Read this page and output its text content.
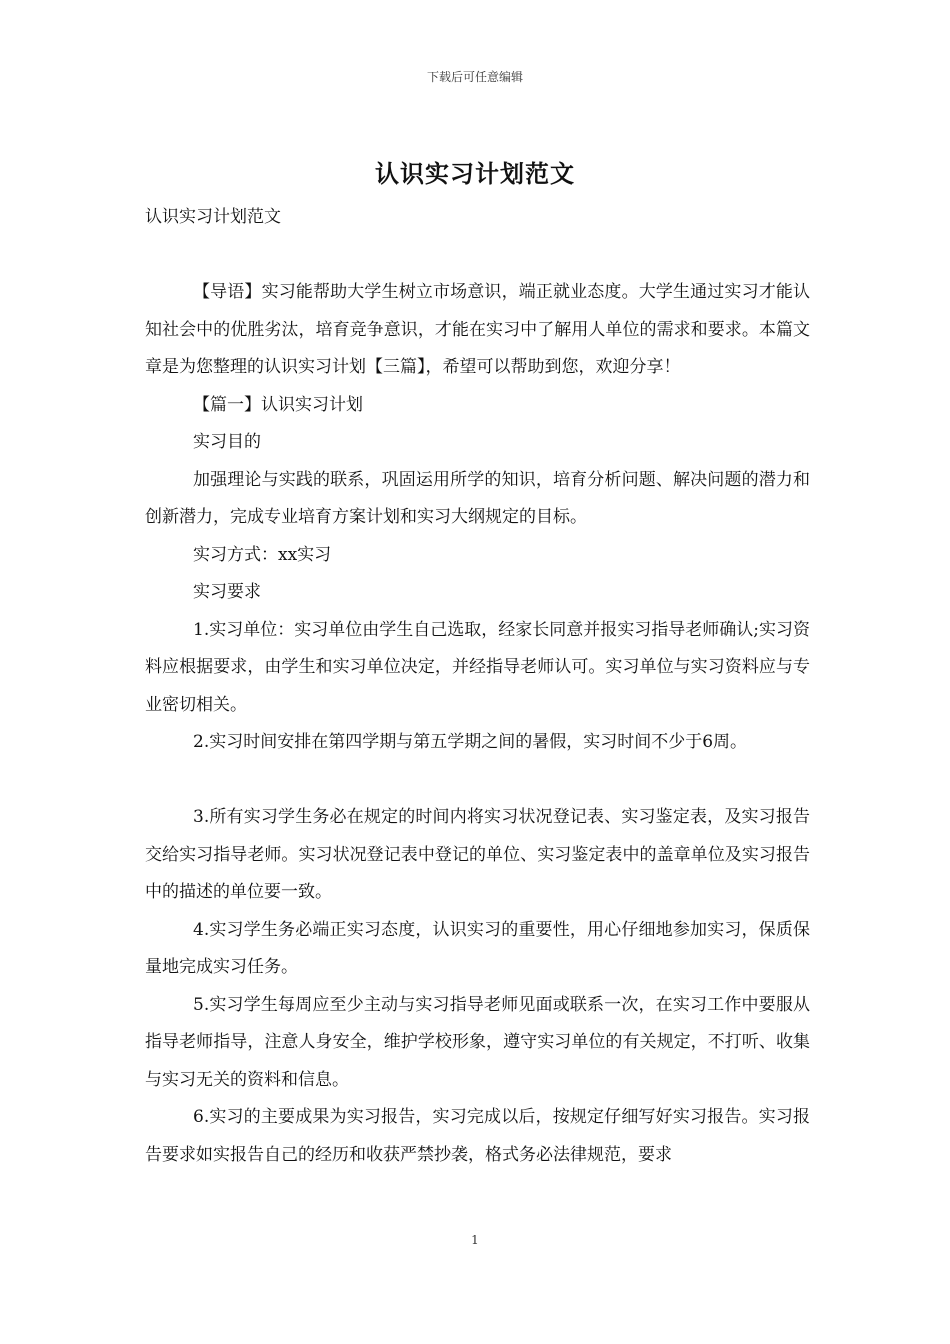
下载后可任意编辑
认识实习计划范文

认识实习计划范文

【导语】实习能帮助大学生树立市场意识，端正就业态度。大学生通过实习才能认知社会中的优胜劣汰，培育竞争意识，才能在实习中了解用人单位的需求和要求。本篇文章是为您整理的认识实习计划【三篇】，希望可以帮助到您，欢迎分享！

【篇一】认识实习计划

实习目的

加强理论与实践的联系，巩固运用所学的知识，培育分析问题、解决问题的潜力和创新潜力，完成专业培育方案计划和实习大纲规定的目标。

实习方式：xx实习

实习要求

1.实习单位：实习单位由学生自己选取，经家长同意并报实习指导老师确认;实习资料应根据要求，由学生和实习单位决定，并经指导老师认可。实习单位与实习资料应与专业密切相关。

2.实习时间安排在第四学期与第五学期之间的暑假，实习时间不少于6周。

3.所有实习学生务必在规定的时间内将实习状况登记表、实习鉴定表，及实习报告交给实习指导老师。实习状况登记表中登记的单位、实习鉴定表中的盖章单位及实习报告中的描述的单位要一致。

4.实习学生务必端正实习态度，认识实习的重要性，用心仔细地参加实习，保质保量地完成实习任务。

5.实习学生每周应至少主动与实习指导老师见面或联系一次，在实习工作中要服从指导老师指导，注意人身安全，维护学校形象，遵守实习单位的有关规定，不打听、收集与实习无关的资料和信息。

6.实习的主要成果为实习报告，实习完成以后，按规定仔细写好实习报告。实习报告要求如实报告自己的经历和收获严禁抄袭，格式务必法律规范，要求

1
